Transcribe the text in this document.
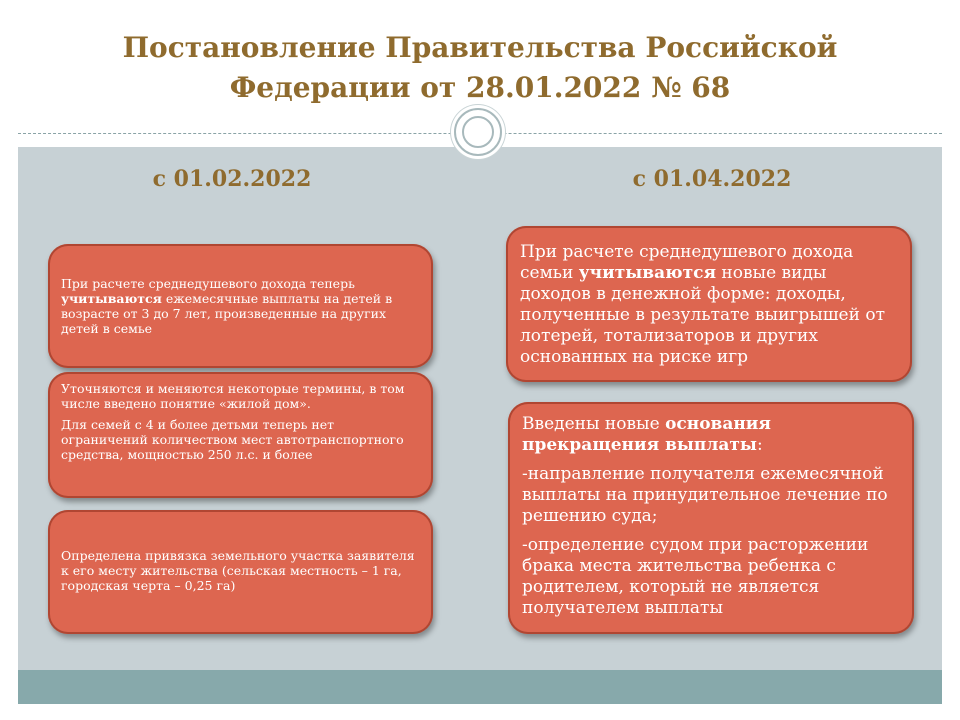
Постановление Правительства Российской Федерации от 28.01.2022 № 68
с 01.02.2022	с 01.04.2022
При расчете среднедушевого дохода теперь учитываются ежемесячные выплаты на детей в возрасте от 3 до 7 лет, произведенные на других детей в семье

Уточняются и меняются некоторые термины, в том числе введено понятие «жилой дом».

Для семей с 4 и более детьми теперь нет ограничений количеством мест автотранспортного средства, мощностью 250 л.с. и более

Определена привязка земельного участка заявителя к его месту жительства (сельская местность – 1 га, городская черта – 0,25 га)
При расчете среднедушевого дохода семьи учитываются новые виды доходов в денежной форме: доходы, полученные в результате выигрышей от лотерей, тотализаторов и других основанных на риске игр

Введены новые основания прекращения выплаты:

-направление получателя ежемесячной выплаты на принудительное лечение по решению суда;

-определение судом при расторжении брака места жительства ребенка с родителем, который не является получателем выплаты
